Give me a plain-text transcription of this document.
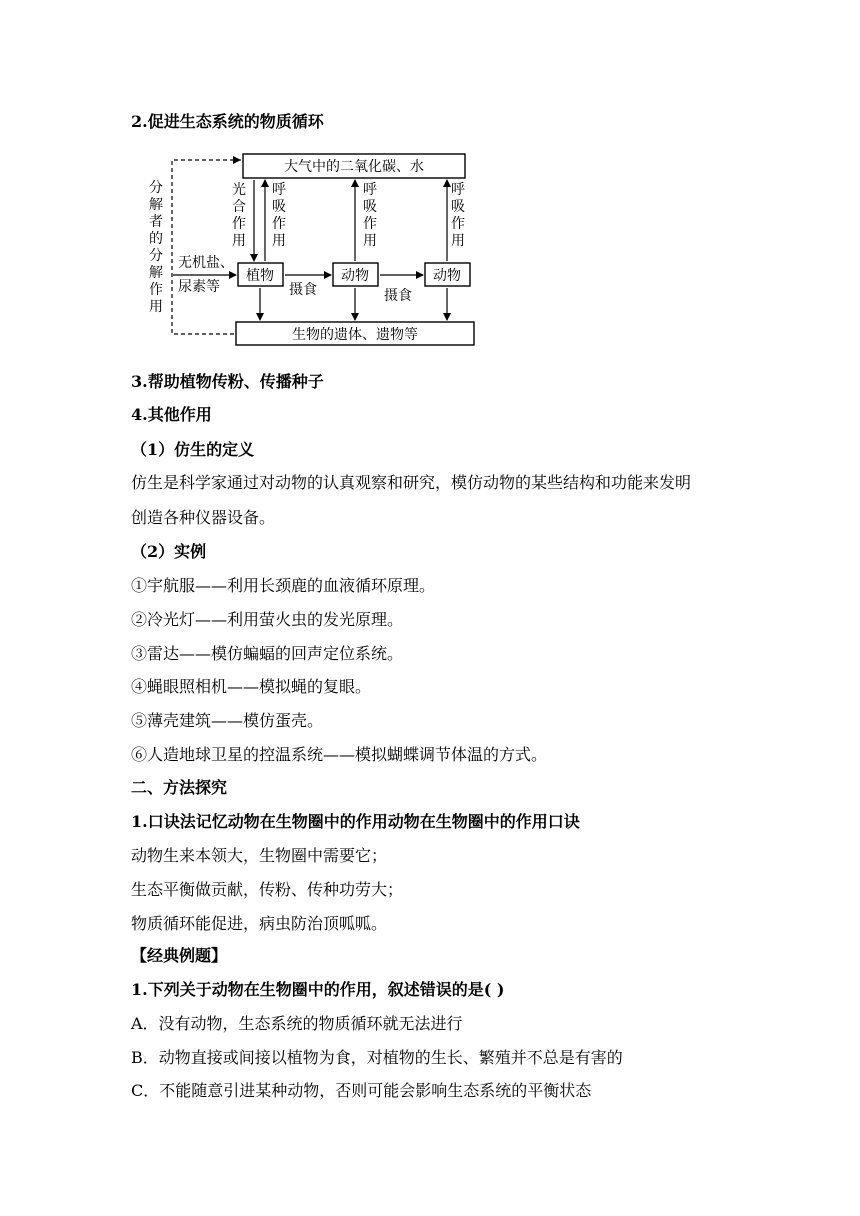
2.促进生态系统的物质循环
大气中的二氧化碳、水
生物的遗体、遗物等
植物	动物	动物
光合作用
呼吸作用
呼吸作用
呼吸作用
分解者的分解作用
摄食	摄食
无机盐、
尿素等
3.帮助植物传粉、传播种子
4.其他作用
（1）仿生的定义
仿生是科学家通过对动物的认真观察和研究，模仿动物的某些结构和功能来发明
创造各种仪器设备。
（2）实例
①宇航服——利用长颈鹿的血液循环原理。
②冷光灯——利用萤火虫的发光原理。
③雷达——模仿蝙蝠的回声定位系统。
④蝇眼照相机——模拟蝇的复眼。
⑤薄壳建筑——模仿蛋壳。
⑥人造地球卫星的控温系统——模拟蝴蝶调节体温的方式。
二、方法探究
1.口诀法记忆动物在生物圈中的作用动物在生物圈中的作用口诀
动物生来本领大，生物圈中需要它；
生态平衡做贡献，传粉、传种功劳大；
物质循环能促进，病虫防治顶呱呱。
【经典例题】
1.下列关于动物在生物圈中的作用，叙述错误的是( )
A．没有动物，生态系统的物质循环就无法进行
B．动物直接或间接以植物为食，对植物的生长、繁殖并不总是有害的
C．不能随意引进某种动物，否则可能会影响生态系统的平衡状态
